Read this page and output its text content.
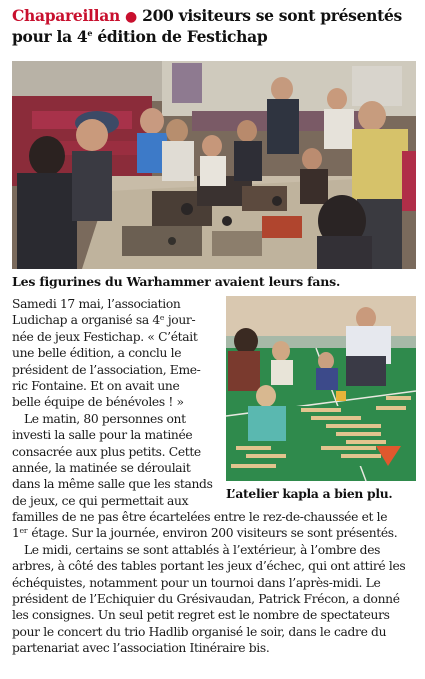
Chapareillan ● 200 visiteurs se sont présentés
pour la 4e édition de Festichap
Les figurines du Warhammer avaient leurs fans.
Samedi 17 mai, l’association
Ludichap a organisé sa 4ᵉ jour-
née de jeux Festichap. « C’était
une belle édition, a conclu le
président de l’association, Eme-
ric Fontaine. Et on avait une
belle équipe de bénévoles ! »
 Le matin, 80 personnes ont
investi la salle pour la matinée
consacrée aux plus petits. Cette
année, la matinée se déroulait
dans la même salle que les stands
de jeux, ce qui permettait aux
familles de ne pas être écartelées entre le rez-de-chaussée et le
1ᵉʳ étage. Sur la journée, environ 200 visiteurs se sont présentés.
 Le midi, certains se sont attablés à l’extérieur, à l’ombre des
arbres, à côté des tables portant les jeux d’échec, qui ont attiré les
échéquistes, notamment pour un tournoi dans l’après-midi. Le
président de l’Echiquier du Grésivaudan, Patrick Frécon, a donné
les consignes. Un seul petit regret est le nombre de spectateurs
pour le concert du trio Hadlib organisé le soir, dans le cadre du
partenariat avec l’association Itinéraire bis.
L’atelier kapla a bien plu.
